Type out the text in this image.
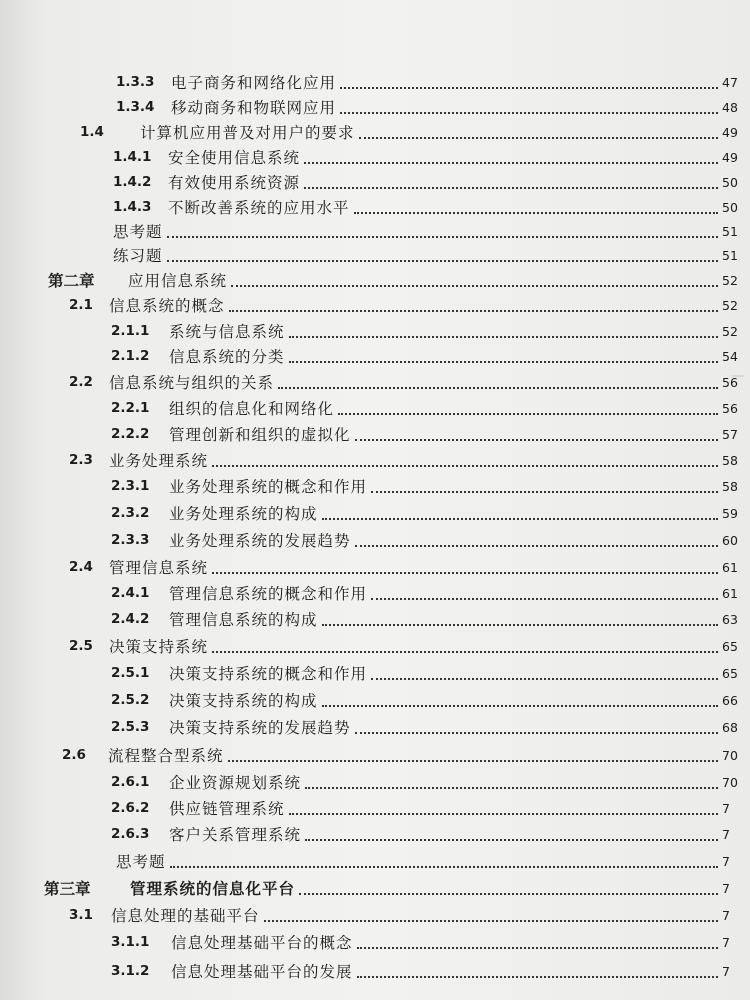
—
1.3.3	电子商务和网络化应用	47
1.3.4	移动商务和物联网应用	48
1.4	计算机应用普及对用户的要求	49
1.4.1	安全使用信息系统	49
1.4.2	有效使用系统资源	50
1.4.3	不断改善系统的应用水平	50
思考题	51
练习题	51
第二章	应用信息系统	52
2.1	信息系统的概念	52
2.1.1	系统与信息系统	52
2.1.2	信息系统的分类	54
2.2	信息系统与组织的关系	56
2.2.1	组织的信息化和网络化	56
2.2.2	管理创新和组织的虚拟化	57
2.3	业务处理系统	58
2.3.1	业务处理系统的概念和作用	58
2.3.2	业务处理系统的构成	59
2.3.3	业务处理系统的发展趋势	60
2.4	管理信息系统	61
2.4.1	管理信息系统的概念和作用	61
2.4.2	管理信息系统的构成	63
2.5	决策支持系统	65
2.5.1	决策支持系统的概念和作用	65
2.5.2	决策支持系统的构成	66
2.5.3	决策支持系统的发展趋势	68
2.6	流程整合型系统	70
2.6.1	企业资源规划系统	70
2.6.2	供应链管理系统	7
2.6.3	客户关系管理系统	7
思考题	7
第三章	管理系统的信息化平台	7
3.1	信息处理的基础平台	7
3.1.1	信息处理基础平台的概念	7
3.1.2	信息处理基础平台的发展	7
